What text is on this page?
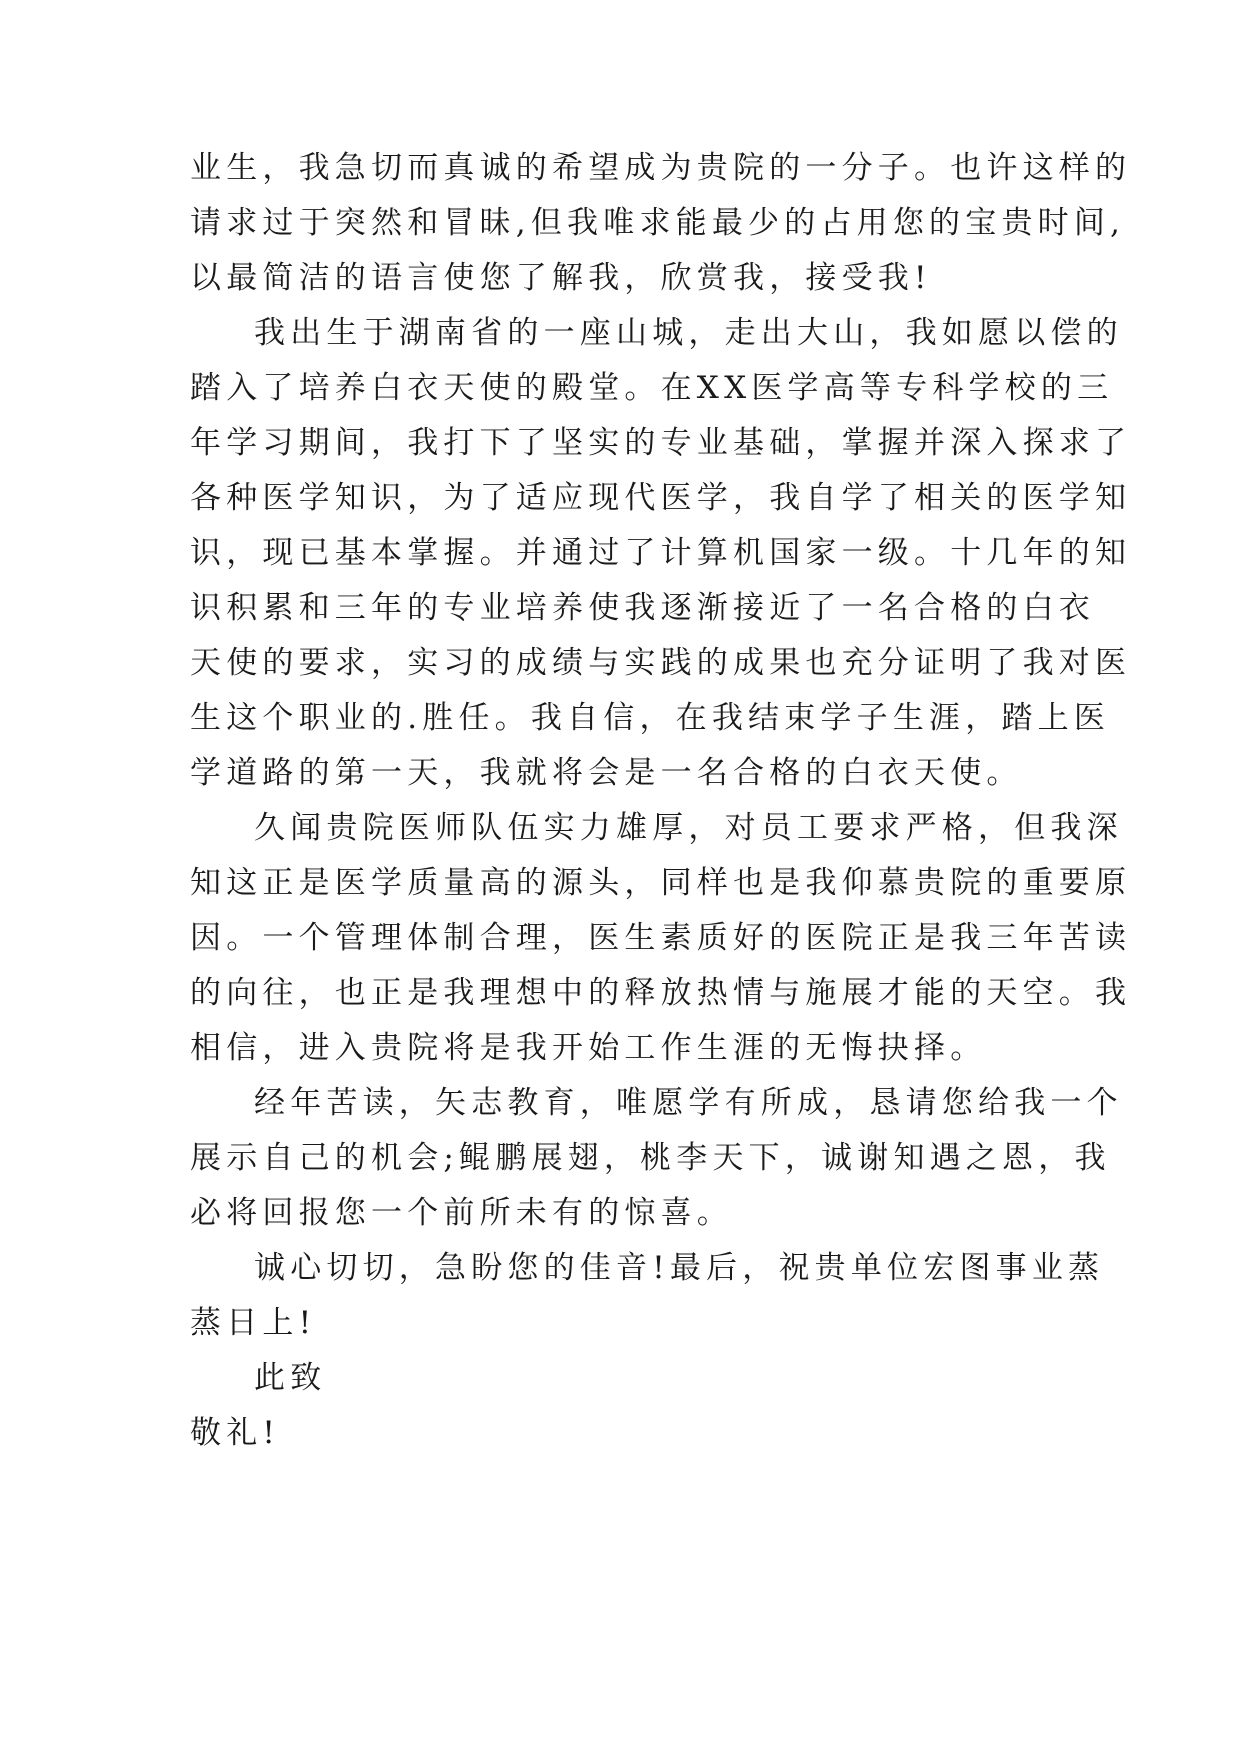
业生，我急切而真诚的希望成为贵院的一分子。也许这样的
请求过于突然和冒昧,但我唯求能最少的占用您的宝贵时间,
以最简洁的语言使您了解我，欣赏我，接受我!
我出生于湖南省的一座山城，走出大山，我如愿以偿的
踏入了培养白衣天使的殿堂。在XX医学高等专科学校的三
年学习期间，我打下了坚实的专业基础，掌握并深入探求了
各种医学知识，为了适应现代医学，我自学了相关的医学知
识，现已基本掌握。并通过了计算机国家一级。十几年的知
识积累和三年的专业培养使我逐渐接近了一名合格的白衣
天使的要求，实习的成绩与实践的成果也充分证明了我对医
生这个职业的.胜任。我自信，在我结束学子生涯，踏上医
学道路的第一天，我就将会是一名合格的白衣天使。
久闻贵院医师队伍实力雄厚，对员工要求严格，但我深
知这正是医学质量高的源头，同样也是我仰慕贵院的重要原
因。一个管理体制合理，医生素质好的医院正是我三年苦读
的向往，也正是我理想中的释放热情与施展才能的天空。我
相信，进入贵院将是我开始工作生涯的无悔抉择。
经年苦读，矢志教育，唯愿学有所成，恳请您给我一个
展示自己的机会;鲲鹏展翅，桃李天下，诚谢知遇之恩，我
必将回报您一个前所未有的惊喜。
诚心切切，急盼您的佳音!最后，祝贵单位宏图事业蒸
蒸日上!
此致
敬礼!
